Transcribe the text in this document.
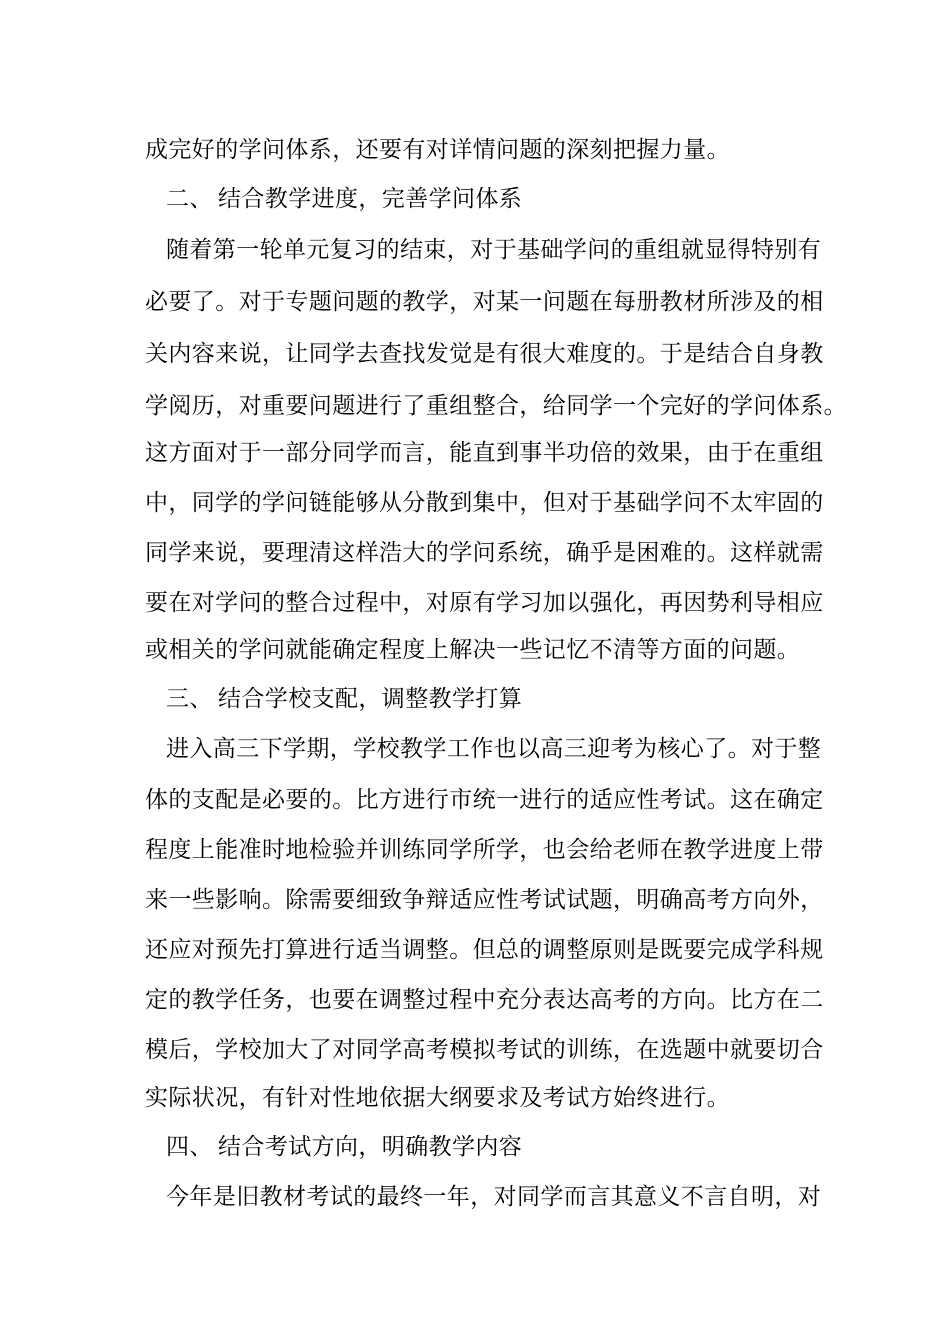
成完好的学问体系，还要有对详情问题的深刻把握力量。
二、 结合教学进度，完善学问体系
随着第一轮单元复习的结束，对于基础学问的重组就显得特别有
必要了。对于专题问题的教学，对某一问题在每册教材所涉及的相
关内容来说，让同学去查找发觉是有很大难度的。于是结合自身教
学阅历，对重要问题进行了重组整合，给同学一个完好的学问体系。
这方面对于一部分同学而言，能直到事半功倍的效果，由于在重组
中，同学的学问链能够从分散到集中，但对于基础学问不太牢固的
同学来说，要理清这样浩大的学问系统，确乎是困难的。这样就需
要在对学问的整合过程中，对原有学习加以强化，再因势利导相应
或相关的学问就能确定程度上解决一些记忆不清等方面的问题。
三、 结合学校支配，调整教学打算
进入高三下学期，学校教学工作也以高三迎考为核心了。对于整
体的支配是必要的。比方进行市统一进行的适应性考试。这在确定
程度上能准时地检验并训练同学所学，也会给老师在教学进度上带
来一些影响。除需要细致争辩适应性考试试题，明确高考方向外，
还应对预先打算进行适当调整。但总的调整原则是既要完成学科规
定的教学任务，也要在调整过程中充分表达高考的方向。比方在二
模后，学校加大了对同学高考模拟考试的训练，在选题中就要切合
实际状况，有针对性地依据大纲要求及考试方始终进行。
四、 结合考试方向，明确教学内容
今年是旧教材考试的最终一年，对同学而言其意义不言自明，对
